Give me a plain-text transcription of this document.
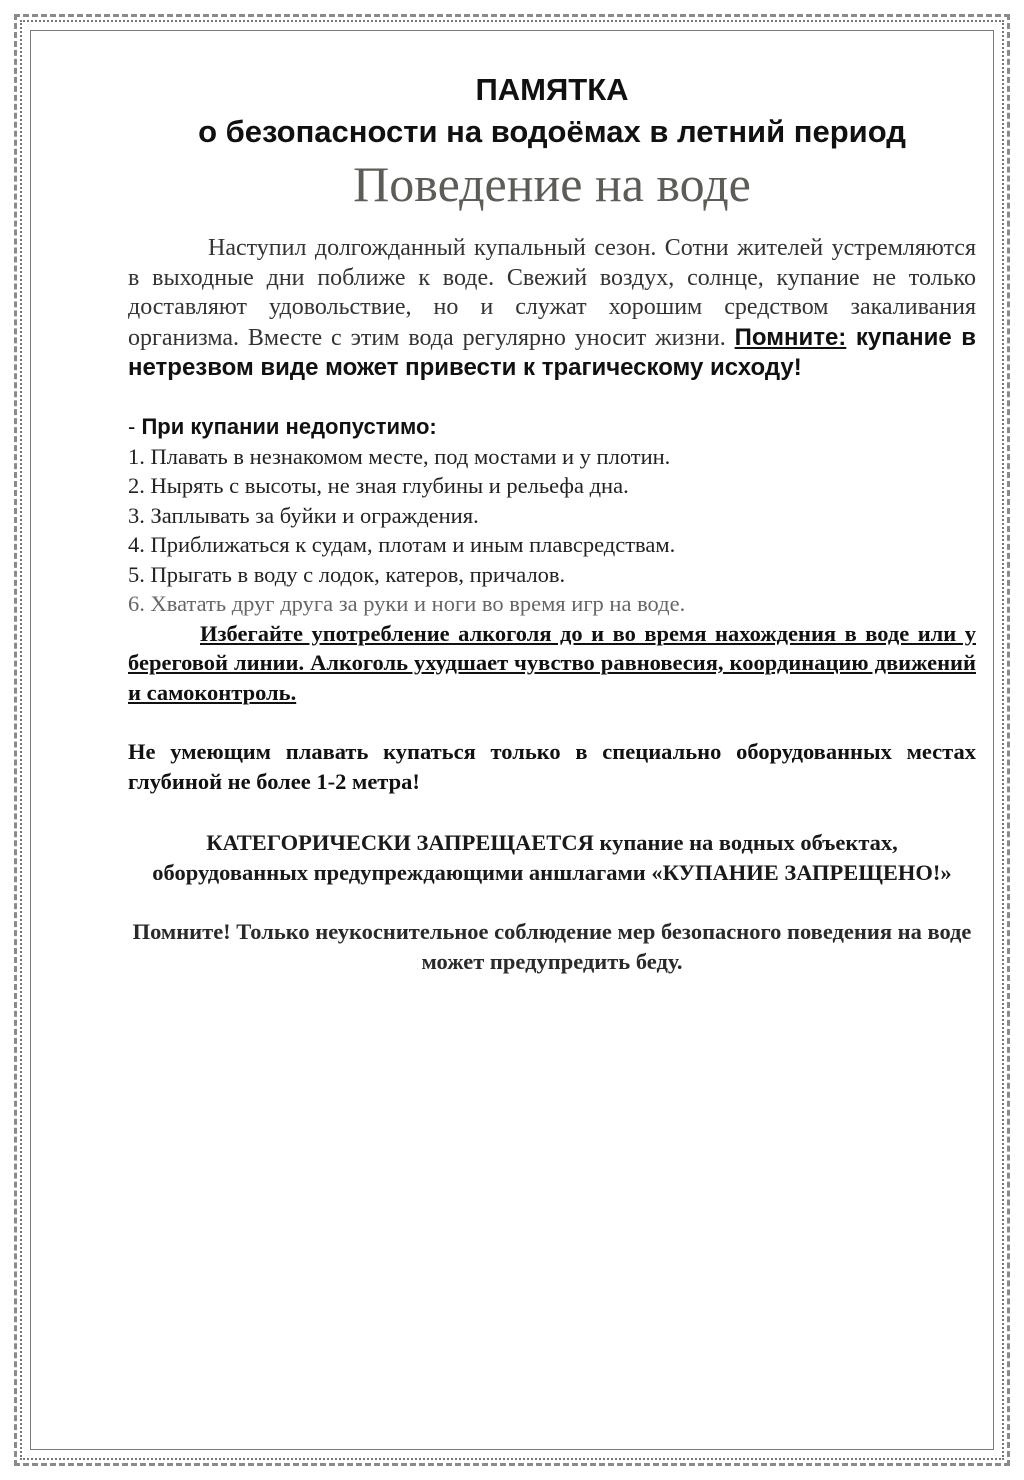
ПАМЯТКА
о безопасности на водоёмах в летний период
Поведение на воде

Наступил долгожданный купальный сезон. Сотни жителей устремляются в выходные дни поближе к воде. Свежий воздух, солнце, купание не только доставляют удовольствие, но и служат хорошим средством закаливания организма. Вместе с этим вода регулярно уносит жизни. Помните: купание в нетрезвом виде может привести к трагическому исходу!

- При купании недопустимо:

1. Плавать в незнакомом месте, под мостами и у плотин.
2. Нырять с высоты, не зная глубины и рельефа дна.
3. Заплывать за буйки и ограждения.
4. Приближаться к судам, плотам и иным плавсредствам.
5. Прыгать в воду с лодок, катеров, причалов.
6. Хватать друг друга за руки и ноги во время игр на воде.

Избегайте употребление алкоголя до и во время нахождения в воде или у береговой линии. Алкоголь ухудшает чувство равновесия, координацию движений и самоконтроль.

Не умеющим плавать купаться только в специально оборудованных местах глубиной не более 1-2 метра!

КАТЕГОРИЧЕСКИ ЗАПРЕЩАЕТСЯ купание на водных объектах, оборудованных предупреждающими аншлагами «КУПАНИЕ ЗАПРЕЩЕНО!»

Помните! Только неукоснительное соблюдение мер безопасного поведения на воде может предупредить беду.
